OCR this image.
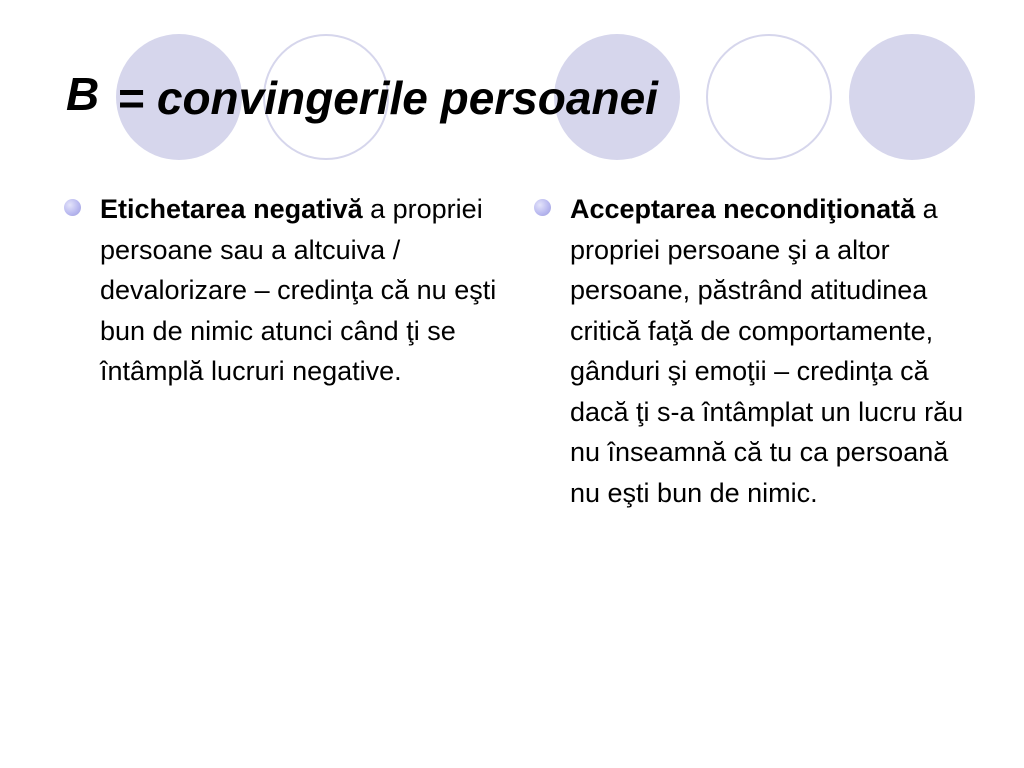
B = convingerile persoanei
Etichetarea negativă a propriei persoane sau a altcuiva / devalorizare – credinţa că nu eşti bun de nimic atunci când ţi se întâmplă lucruri negative.
Acceptarea necondiţionată a propriei persoane şi a altor persoane, păstrând atitudinea critică faţă de comportamente, gânduri şi emoţii – credinţa că dacă ţi s-a întâmplat un lucru rău nu înseamnă că tu ca persoană nu eşti bun de nimic.
